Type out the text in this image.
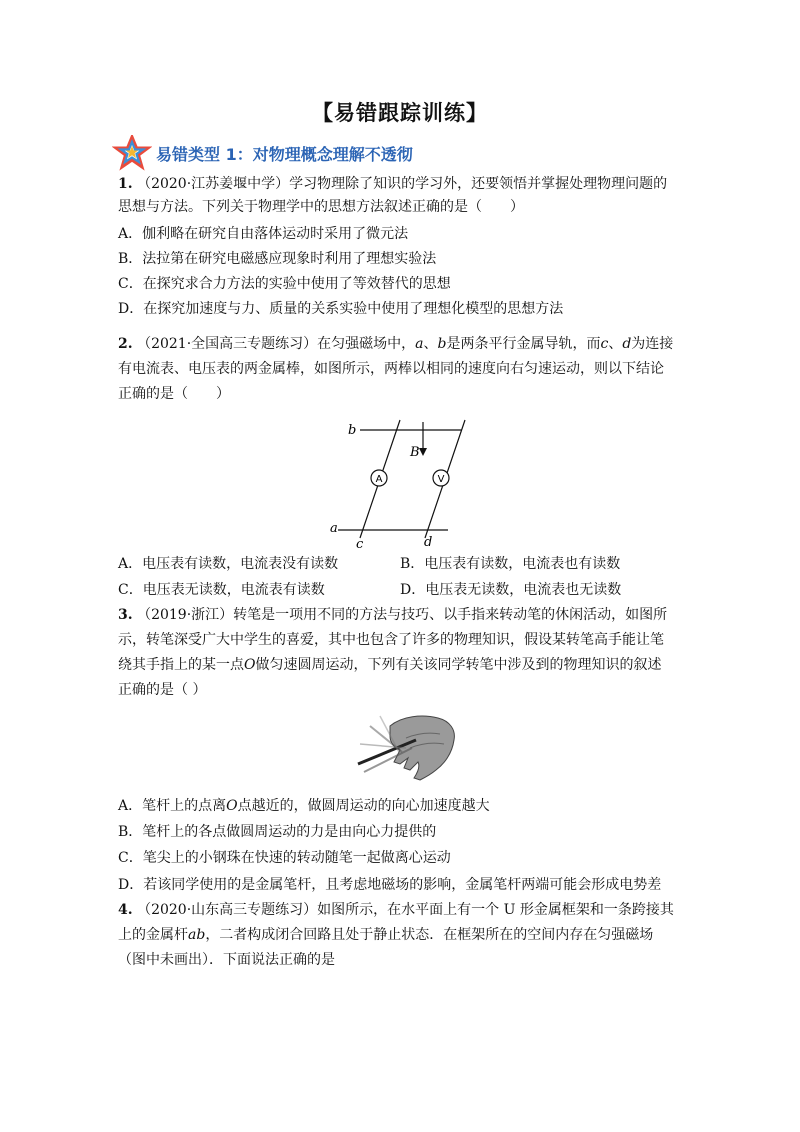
【易错跟踪训练】
易错类型 1：对物理概念理解不透彻
1. （2020·江苏姜堰中学）学习物理除了知识的学习外，还要领悟并掌握处理物理问题的
思想与方法。下列关于物理学中的思想方法叙述正确的是（　　）
A．伽利略在研究自由落体运动时采用了微元法
B．法拉第在研究电磁感应现象时利用了理想实验法
C．在探究求合力方法的实验中使用了等效替代的思想
D．在探究加速度与力、质量的关系实验中使用了理想化模型的思想方法
2. （2021·全国高三专题练习）在匀强磁场中，a、b是两条平行金属导轨，而c、d为连接
有电流表、电压表的两金属棒，如图所示，两棒以相同的速度向右匀速运动，则以下结论
正确的是（　　）
b
B
A	V
a
c	d
A．电压表有读数，电流表没有读数	B．电压表有读数，电流表也有读数
C．电压表无读数，电流表有读数	D．电压表无读数，电流表也无读数
3. （2019·浙江）转笔是一项用不同的方法与技巧、以手指来转动笔的休闲活动，如图所
示，转笔深受广大中学生的喜爱，其中也包含了许多的物理知识，假设某转笔高手能让笔
绕其手指上的某一点O做匀速圆周运动，下列有关该同学转笔中涉及到的物理知识的叙述
正确的是（ ）
A．笔杆上的点离O点越近的，做圆周运动的向心加速度越大
B．笔杆上的各点做圆周运动的力是由向心力提供的
C．笔尖上的小钢珠在快速的转动随笔一起做离心运动
D．若该同学使用的是金属笔杆，且考虑地磁场的影响，金属笔杆两端可能会形成电势差
4. （2020·山东高三专题练习）如图所示，在水平面上有一个 U 形金属框架和一条跨接其
上的金属杆ab，二者构成闭合回路且处于静止状态．在框架所在的空间内存在匀强磁场
（图中未画出）．下面说法正确的是
